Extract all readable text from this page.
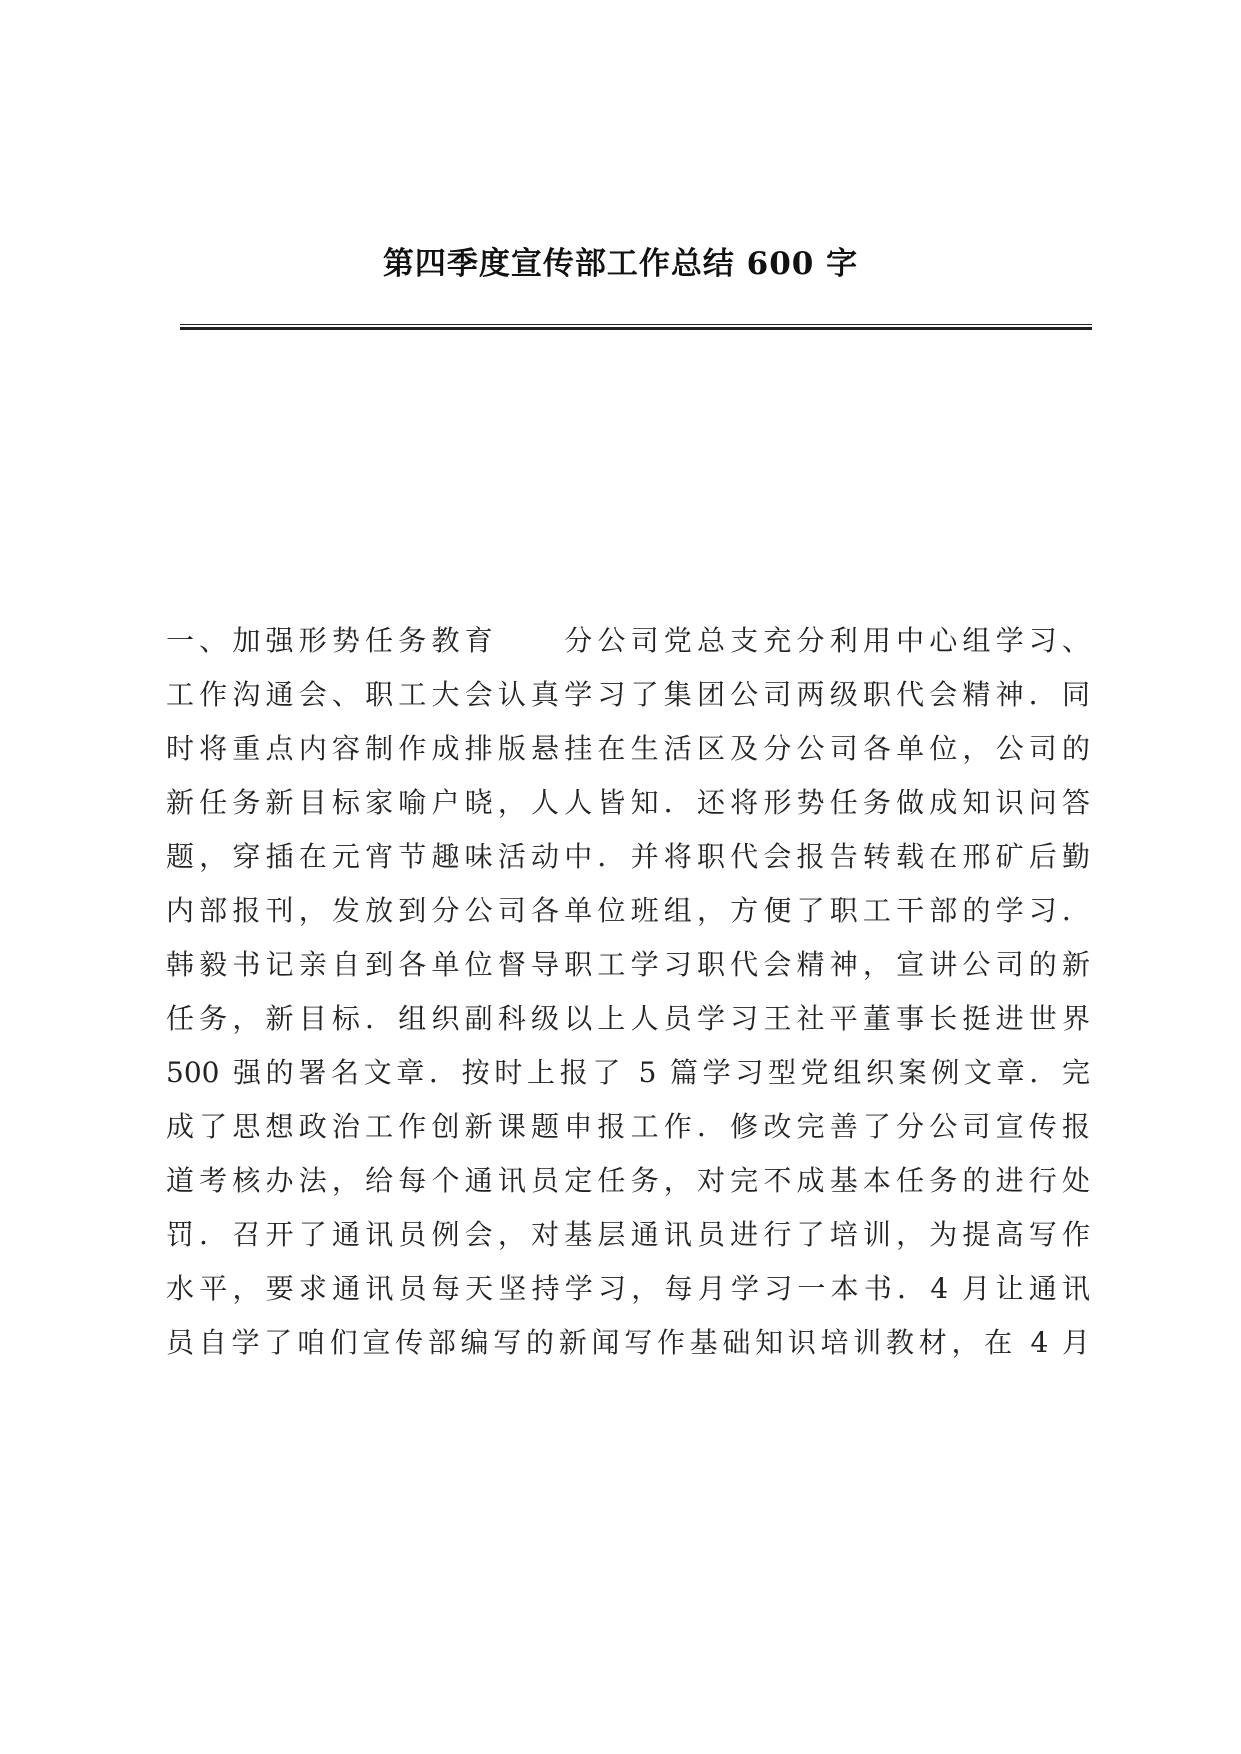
第四季度宣传部工作总结 600 字
一、加强形势任务教育　　分公司党总支充分利用中心组学习、
工作沟通会、职工大会认真学习了集团公司两级职代会精神．同
时将重点内容制作成排版悬挂在生活区及分公司各单位，公司的
新任务新目标家喻户晓，人人皆知．还将形势任务做成知识问答
题，穿插在元宵节趣味活动中．并将职代会报告转载在邢矿后勤
内部报刊，发放到分公司各单位班组，方便了职工干部的学习．
韩毅书记亲自到各单位督导职工学习职代会精神，宣讲公司的新
任务，新目标．组织副科级以上人员学习王社平董事长挺进世界
500 强的署名文章．按时上报了 5 篇学习型党组织案例文章．完
成了思想政治工作创新课题申报工作．修改完善了分公司宣传报
道考核办法，给每个通讯员定任务，对完不成基本任务的进行处
罚．召开了通讯员例会，对基层通讯员进行了培训，为提高写作
水平，要求通讯员每天坚持学习，每月学习一本书．4 月让通讯
员自学了咱们宣传部编写的新闻写作基础知识培训教材，在 4 月
